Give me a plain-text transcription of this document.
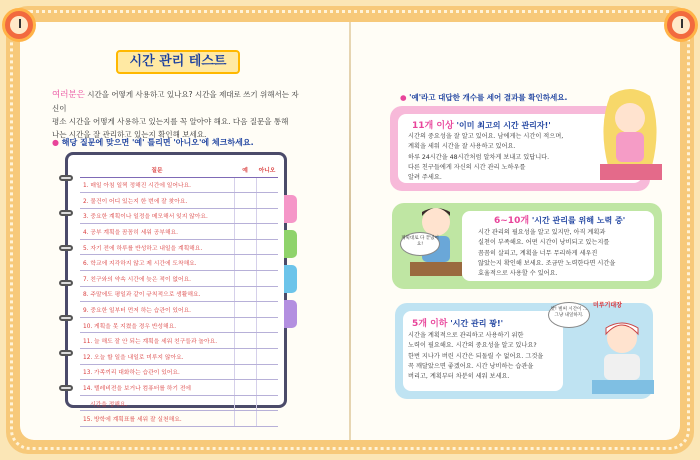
시간 관리 테스트
여러분은 시간을 어떻게 사용하고 있나요? 시간을 제대로 쓰기 위해서는 자신이
평소 시간을 어떻게 사용하고 있는지를 꼭 알아야 해요. 다음 질문을 통해
나는 시간을 잘 관리하고 있는지 확인해 보세요.
● 해당 질문에 맞으면 '예' 틀리면 '아니오'에 체크하세요.
질문	예	아니오
1. 매일 아침 일찍 정해진 시간에 일어나요.		
2. 물건이 어디 있는지 한 번에 잘 찾아요.		
3. 중요한 계획이나 일정을 메모해서 잊지 않아요.		
4. 공부 계획을 꼼꼼히 세워 공부해요.		
5. 자기 전에 하루를 반성하고 내일을 계획해요.		
6. 학교에 지각하지 않고 제 시간에 도착해요.		
7. 친구와의 약속 시간에 늦은 적이 없어요.		
8. 주말에도 평일과 같이 규칙적으로 생활해요.		
9. 중요한 일부터 먼저 하는 습관이 있어요.		
10. 게획을 못 지켰을 경우 반성해요.		
11. 늘 해도 잘 안 되는 계획을 세워 친구들과 놀아요.		
12. 오늘 할 일을 내일로 미루지 않아요.		
13. 가족끼리 대화하는 습관이 있어요.		
14. 텔레비전을 보거나 컴퓨터를 하기 전에		
시간을 정해요.		
15. 방학에 계획표를 세워 잘 실천해요.		
● '예'라고 대답한 개수를 세어 결과를 확인하세요.
11개 이상 '이미 최고의 시간 관리자!'
시간의 중요성을 잘 알고 있어요. 남에게는 시간이 적으며,
계획을 세워 시간을 잘 사용하고 있어요.
하루 24시간을 48시간처럼 알차게 보내고 있답니다.
다른 친구들에게 자신의 시간 관리 노하우를
알려 주세요.
6~10개 '시간 관리를 위해 노력 중'
시간 관리의 필요성을 알고 있지만, 아직 계획과
실천이 부족해요. 어떤 시간이 낭비되고 있는지를
꼼꼼히 살피고, 계획을 너무 무리하게 세우진
않았는지 확인해 보세요. 조금만 노력한다면 시간을
효율적으로 사용할 수 있어요.
5개 이하 '시간 관리 꽝!'
시간을 계획적으로 관리하고 사용하기 위한
노력이 필요해요. 시간의 중요성을 알고 있나요?
한번 지나가 버린 시간은 되돌릴 수 없어요. 그것을
꼭 깨달았으면 좋겠어요. 시간 낭비하는 습관을
버리고, 계획부터 차분히 세워 보세요.
계획대로 다 끝냈어요!
앗! 벌써 시간이 …그냥 내일하지.
미루기대장
